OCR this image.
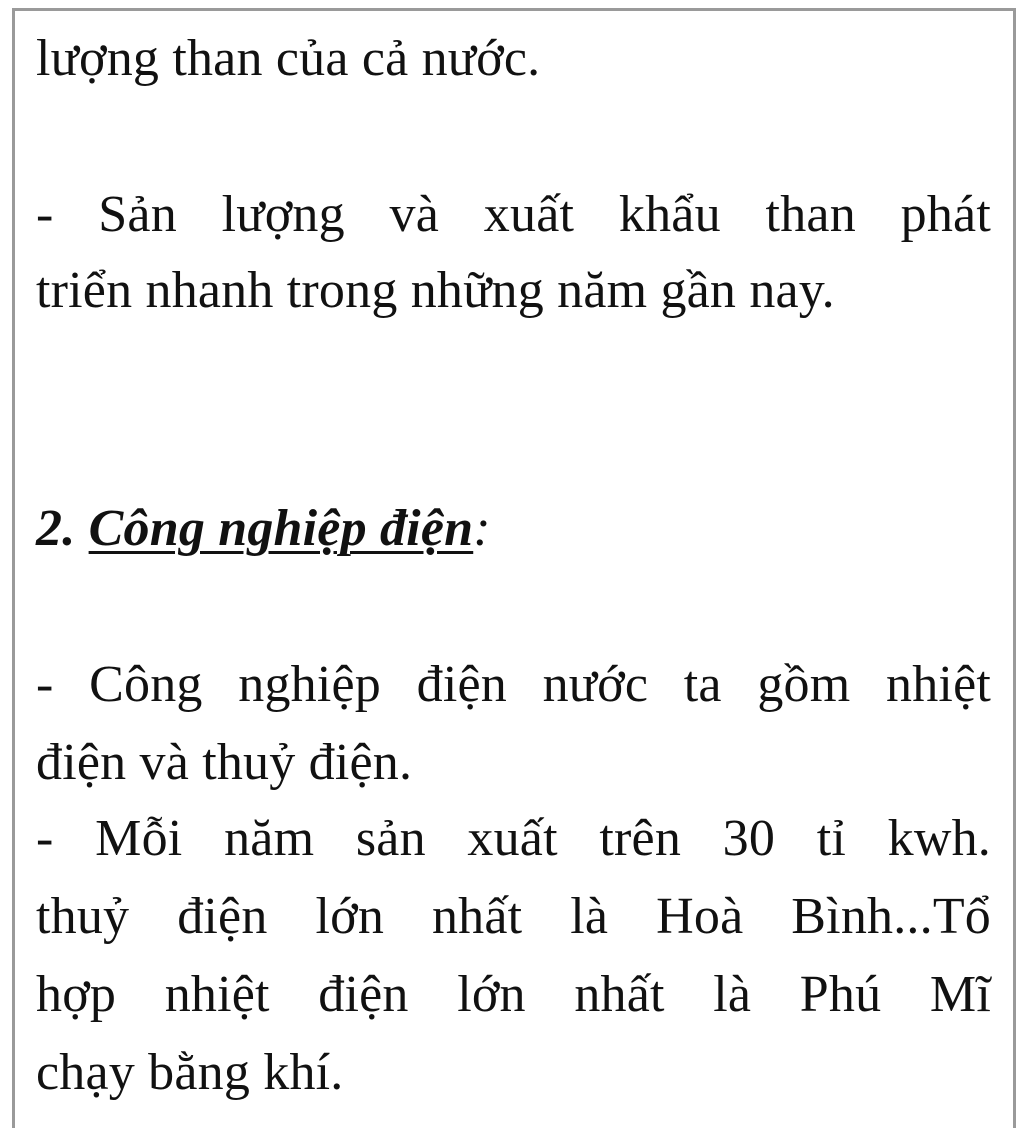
lượng than của cả nước.
- Sản lượng và xuất khẩu than phát
triển nhanh trong những năm gần nay.
2. Công nghiệp điện:
- Công nghiệp điện nước ta gồm nhiệt
điện và thuỷ điện.
- Mỗi năm sản xuất trên 30 tỉ kwh.
thuỷ điện lớn nhất là Hoà Bình...Tổ
hợp nhiệt điện lớn nhất là Phú Mĩ
chạy bằng khí.
